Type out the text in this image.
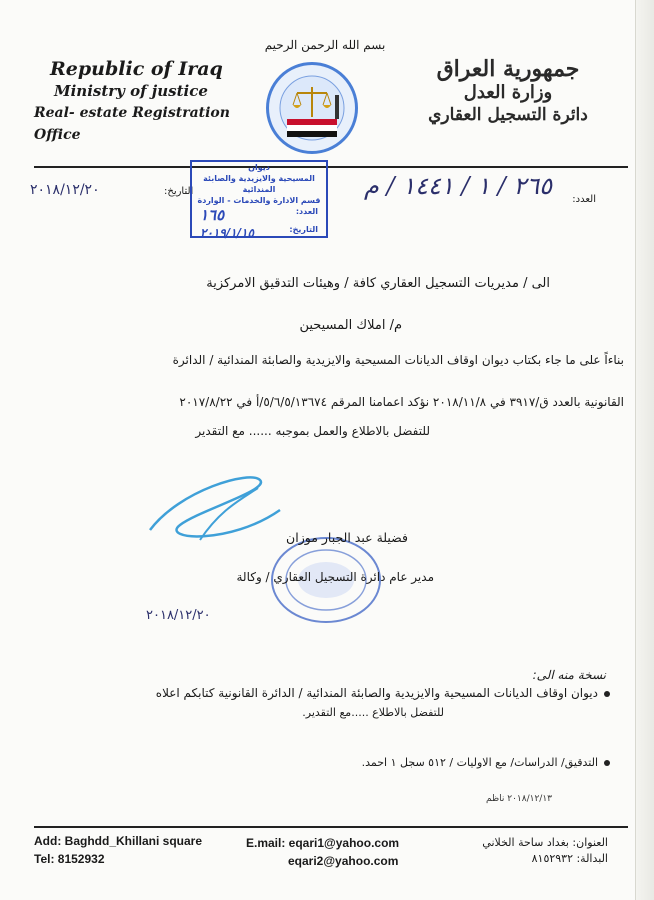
بسم الله الرحمن الرحيم
Republic of Iraq
Ministry of justice
Real- estate Registration Office
جمهورية العراق
وزارة العدل
دائرة التسجيل العقاري
٢٠١٨/١٢/٢٠	التاريخ:	٢٦٥ / ١ / ١٤٤١ / م	العدد:
ديوان
المسيحية والايزيدية والصابئة المندائية
قسم الادارة والخدمات - الواردة
العدد:
١٦٥
التاريخ:
٢٠١٩/١/١٥
الى / مديريات التسجيل العقاري كافة / وهيئات التدقيق الامركزية
م/ املاك المسيحين
بناءاً على ما جاء بكتاب ديوان اوقاف الديانات المسيحية والايزيدية والصابئة المندائية / الدائرة
القانونية بالعدد ق/٣٩١٧ في ٢٠١٨/١١/٨ نؤكد اعمامنا المرقم ٥/٦/٥/١٣٦٧٤/أ في ٢٠١٧/٨/٢٢
للتفضل بالاطلاع والعمل بموجبه ...... مع التقدير
فضيلة عبد الجبار موزان
مدير عام دائرة التسجيل العقاري / وكالة
٢٠١٨/١٢/٢٠
نسخة منه الى:
ديوان اوقاف الديانات المسيحية والايزيدية والصابئة المندائية / الدائرة القانونية كتابكم اعلاه
للتفضل بالاطلاع .....مع التقدير.
التدقيق/ الدراسات/ مع الاوليات / ٥١٢ سجل ١ احمد.
٢٠١٨/١٢/١٣ ناظم
Add: Baghdd_Khillani square
Tel: 8152932
E.mail: eqari1@yahoo.com
eqari2@yahoo.com
العنوان: بغداد ساحة الخلاني
البدالة: ٨١٥٢٩٣٢
